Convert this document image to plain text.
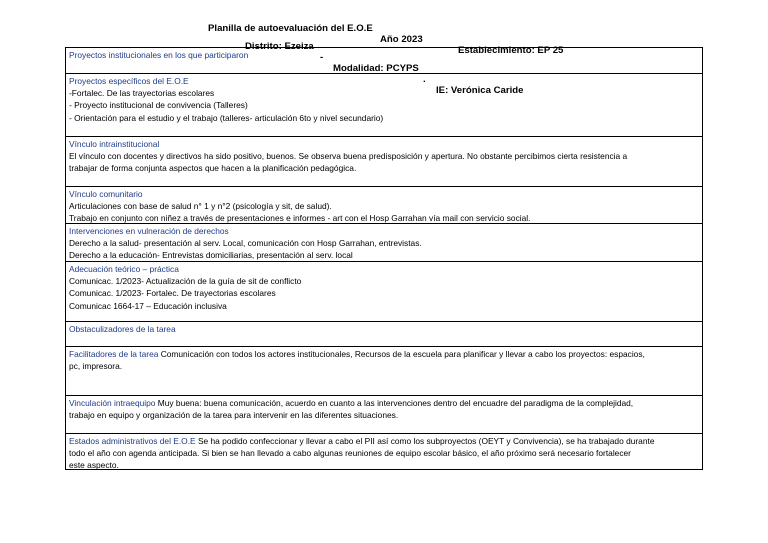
Planilla de autoevaluación del E.O.E

Año 2023

Establecimiento: EP 25

Distrito: Ezeiza

-

Modalidad: PCYPS

.

IE: Verónica Caride

Proyectos institucionales en los que participaron
Proyectos específicos del E.O.E
-Fortalec. De las trayectorias escolares
- Proyecto institucional de convivencia (Talleres)
- Orientación para el estudio y el trabajo (talleres- articulación 6to y nivel secundario)
Vínculo intrainstitucional
El vínculo con docentes y directivos ha sido positivo, buenos. Se observa buena predisposición y apertura. No obstante percibimos cierta resistencia a
trabajar de forma conjunta aspectos que hacen a la planificación pedagógica.
Vínculo comunitario
Articulaciones con base de salud n° 1 y n°2 (psicología y sit, de salud).
Trabajo en conjunto con niñez a través de presentaciones e informes - art con el Hosp Garrahan vía mail con servicio social.
Intervenciones en vulneración de derechos
Derecho a la salud- presentación al serv. Local, comunicación con Hosp Garrahan, entrevistas.
Derecho a la educación- Entrevistas domiciliarias, presentación al serv. local
Adecuación teórico – práctica
Comunicac. 1/2023- Actualización de la guía de sit de conflicto
Comunicac. 1/2023- Fortalec. De trayectorias escolares
Comunicac 1664-17 – Educación inclusiva
Obstaculizadores de la tarea
Facilitadores de la tarea Comunicación con todos los actores institucionales, Recursos de la escuela para planificar y llevar a cabo los proyectos: espacios,
pc, impresora.
Vinculación intraequipo Muy buena: buena comunicación, acuerdo en cuanto a las intervenciones dentro del encuadre del paradigma de la complejidad,
trabajo en equipo y organización de la tarea para intervenir en las diferentes situaciones.
Estados administrativos del E.O.E Se ha podido confeccionar y llevar a cabo el PII así como los subproyectos (OEYT y Convivencia), se ha trabajado durante
todo el año con agenda anticipada. Si bien se han llevado a cabo algunas reuniones de equipo escolar básico, el año próximo será necesario fortalecer
este aspecto.
